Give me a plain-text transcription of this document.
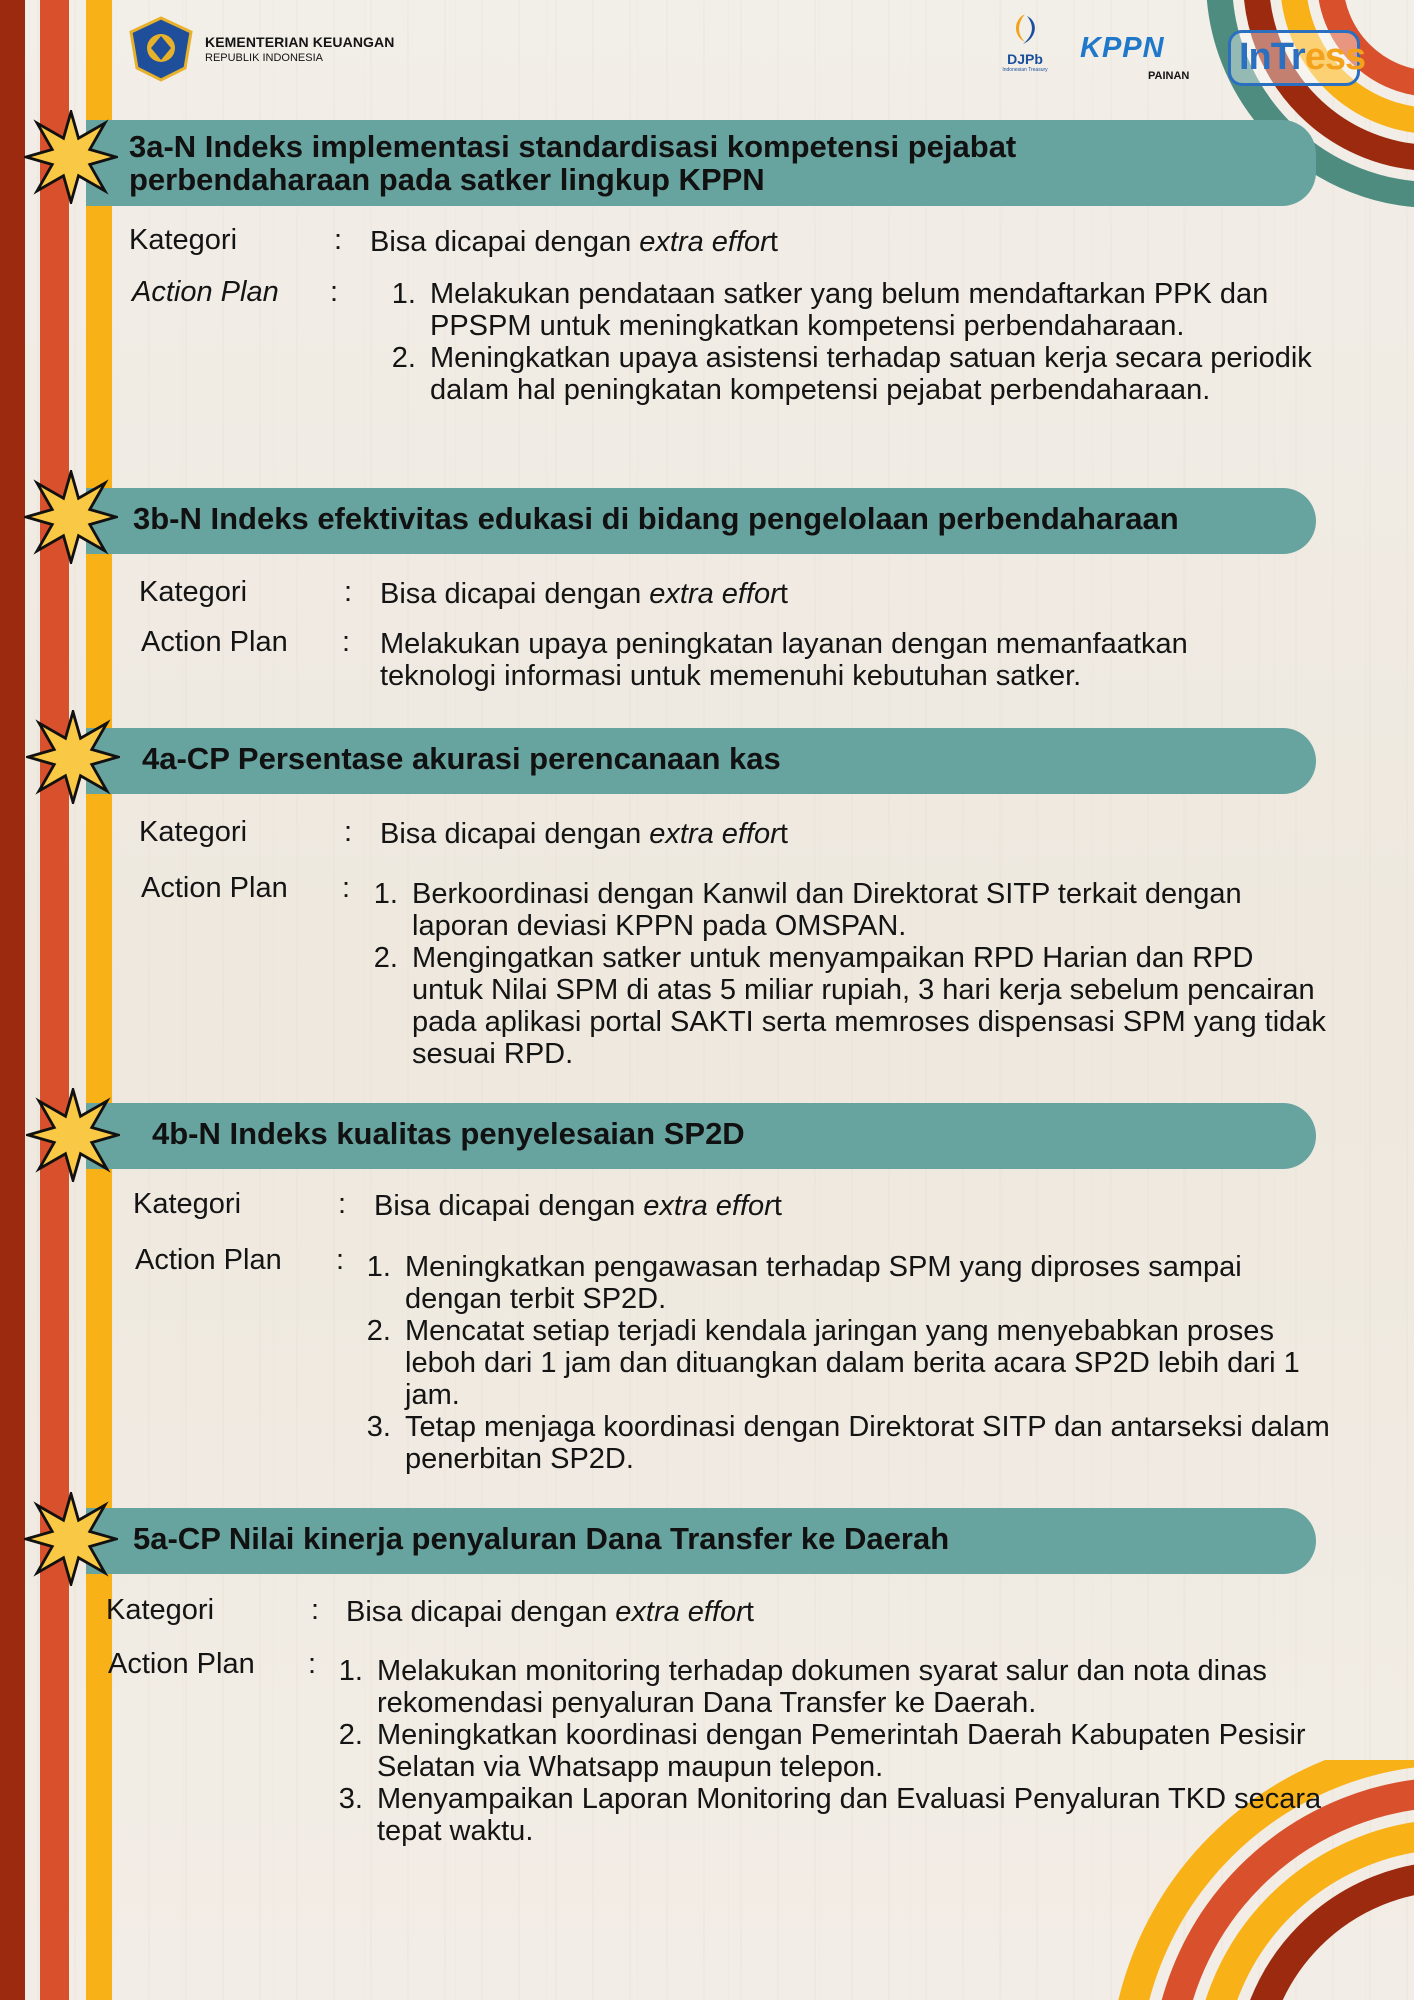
KEMENTERIAN KEUANGAN
REPUBLIK INDONESIA	DJPb
Indonesian Treasury
KPPN
PAINAN InTress
3a-N Indeks implementasi standardisasi kompetensi pejabat
perbendaharaan pada satker lingkup KPPN
Kategori	: Bisa dicapai dengan extra effort
Action Plan :	1. Melakukan pendataan satker yang belum mendaftarkan PPK dan PPSPM untuk meningkatkan kompetensi perbendaharaan.
2. Meningkatkan upaya asistensi terhadap satuan kerja secara periodik dalam hal peningkatan kompetensi pejabat perbendaharaan.
3b-N Indeks efektivitas edukasi di bidang pengelolaan perbendaharaan
Kategori	: Bisa dicapai dengan extra effort
Action Plan : Melakukan upaya peningkatan layanan dengan memanfaatkan teknologi informasi untuk memenuhi kebutuhan satker.

4a-CP Persentase akurasi perencanaan kas
Kategori	: Bisa dicapai dengan extra effort
Action Plan : 1. Berkoordinasi dengan Kanwil dan Direktorat SITP terkait dengan laporan deviasi KPPN pada OMSPAN.
2. Mengingatkan satker untuk menyampaikan RPD Harian dan RPD untuk Nilai SPM di atas 5 miliar rupiah, 3 hari kerja sebelum pencairan pada aplikasi portal SAKTI serta memroses dispensasi SPM yang tidak sesuai RPD.
4b-N Indeks kualitas penyelesaian SP2D
Kategori	: Bisa dicapai dengan extra effort
Action Plan : 1. Meningkatkan pengawasan terhadap SPM yang diproses sampai dengan terbit SP2D.
2. Mencatat setiap terjadi kendala jaringan yang menyebabkan proses leboh dari 1 jam dan dituangkan dalam berita acara SP2D lebih dari 1 jam.
3. Tetap menjaga koordinasi dengan Direktorat SITP dan antarseksi dalam penerbitan SP2D.
5a-CP Nilai kinerja penyaluran Dana Transfer ke Daerah
Kategori	: Bisa dicapai dengan extra effort
Action Plan : 1. Melakukan monitoring terhadap dokumen syarat salur dan nota dinas rekomendasi penyaluran Dana Transfer ke Daerah.
2. Meningkatkan koordinasi dengan Pemerintah Daerah Kabupaten Pesisir Selatan via Whatsapp maupun telepon.
3. Menyampaikan Laporan Monitoring dan Evaluasi Penyaluran TKD secara tepat waktu.
